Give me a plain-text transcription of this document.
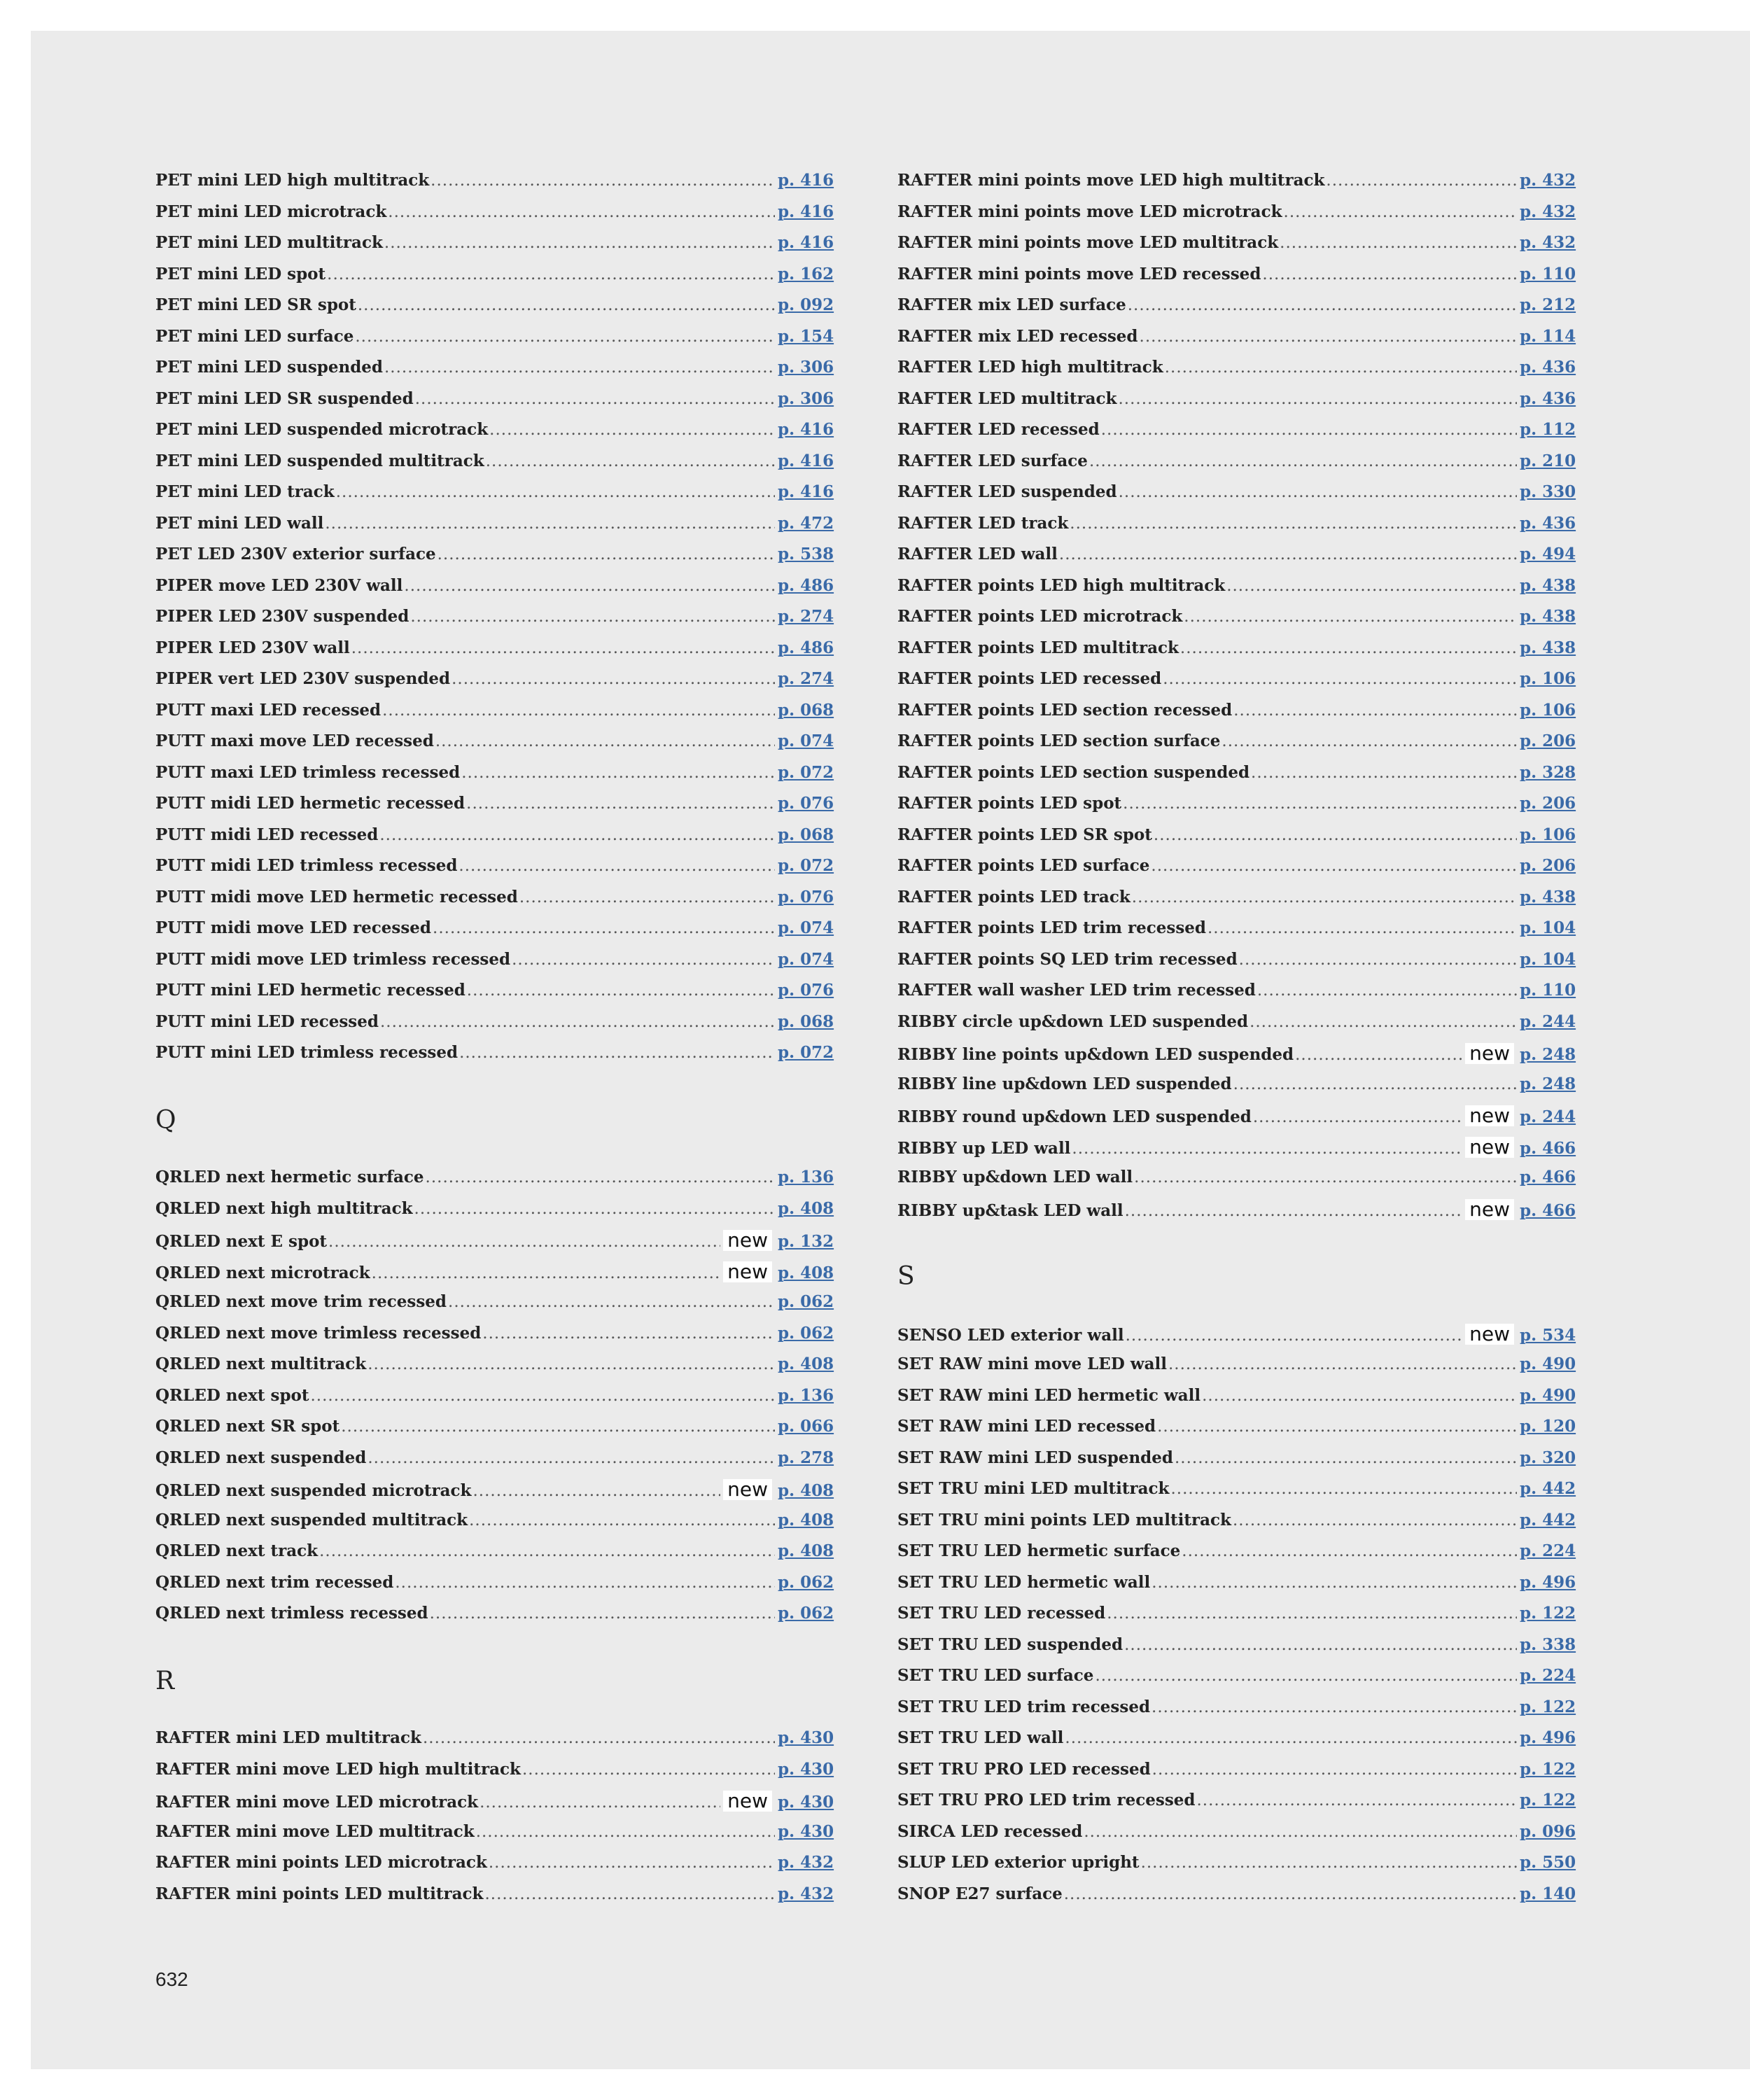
PET mini LED high multitrack .....	p. 416
PET mini LED microtrack .....	p. 416
PET mini LED multitrack .....	p. 416
PET mini LED spot .....	p. 162
PET mini LED SR spot .....	p. 092
PET mini LED surface .....	p. 154
PET mini LED suspended .....	p. 306
PET mini LED SR suspended .....	p. 306
PET mini LED suspended microtrack .....	p. 416
PET mini LED suspended multitrack .....	p. 416
PET mini LED track .....	p. 416
PET mini LED wall .....	p. 472
PET LED 230V exterior surface .....	p. 538
PIPER move LED 230V wall .....	p. 486
PIPER LED 230V suspended .....	p. 274
PIPER LED 230V wall .....	p. 486
PIPER vert LED 230V suspended .....	p. 274
PUTT maxi LED recessed .....	p. 068
PUTT maxi move LED recessed .....	p. 074
PUTT maxi LED trimless recessed .....	p. 072
PUTT midi LED hermetic recessed .....	p. 076
PUTT midi LED recessed .....	p. 068
PUTT midi LED trimless recessed .....	p. 072
PUTT midi move LED hermetic recessed .....	p. 076
PUTT midi move LED recessed .....	p. 074
PUTT midi move LED trimless recessed .....	p. 074
PUTT mini LED hermetic recessed .....	p. 076
PUTT mini LED recessed .....	p. 068
PUTT mini LED trimless recessed .....	p. 072
Q
QRLED next hermetic surface .....	p. 136
QRLED next high multitrack .....	p. 408
QRLED next E spot .....	new p. 132
QRLED next microtrack .....	new p. 408
QRLED next move trim recessed .....	p. 062
QRLED next move trimless recessed .....	p. 062
QRLED next multitrack .....	p. 408
QRLED next spot .....	p. 136
QRLED next SR spot .....	p. 066
QRLED next suspended .....	p. 278
QRLED next suspended microtrack .....	new p. 408
QRLED next suspended multitrack .....	p. 408
QRLED next track .....	p. 408
QRLED next trim recessed .....	p. 062
QRLED next trimless recessed .....	p. 062
R
RAFTER mini LED multitrack .....	p. 430
RAFTER mini move LED high multitrack .....	p. 430
RAFTER mini move LED microtrack .....	new p. 430
RAFTER mini move LED multitrack .....	p. 430
RAFTER mini points LED microtrack .....	p. 432
RAFTER mini points LED multitrack .....	p. 432
RAFTER mini points move LED high multitrack .....	p. 432
RAFTER mini points move LED microtrack .....	p. 432
RAFTER mini points move LED multitrack .....	p. 432
RAFTER mini points move LED recessed .....	p. 110
RAFTER mix LED surface .....	p. 212
RAFTER mix LED recessed .....	p. 114
RAFTER LED high multitrack .....	p. 436
RAFTER LED multitrack .....	p. 436
RAFTER LED recessed .....	p. 112
RAFTER LED surface .....	p. 210
RAFTER LED suspended .....	p. 330
RAFTER LED track .....	p. 436
RAFTER LED wall .....	p. 494
RAFTER points LED high multitrack .....	p. 438
RAFTER points LED microtrack .....	p. 438
RAFTER points LED multitrack .....	p. 438
RAFTER points LED recessed .....	p. 106
RAFTER points LED section recessed .....	p. 106
RAFTER points LED section surface .....	p. 206
RAFTER points LED section suspended .....	p. 328
RAFTER points LED spot .....	p. 206
RAFTER points LED SR spot .....	p. 106
RAFTER points LED surface .....	p. 206
RAFTER points LED track .....	p. 438
RAFTER points LED trim recessed .....	p. 104
RAFTER points SQ LED trim recessed .....	p. 104
RAFTER wall washer LED trim recessed .....	p. 110
RIBBY circle up&down LED suspended .....	p. 244
RIBBY line points up&down LED suspended .....	new p. 248
RIBBY line up&down LED suspended .....	p. 248
RIBBY round up&down LED suspended .....	new p. 244
RIBBY up LED wall .....	new p. 466
RIBBY up&down LED wall .....	p. 466
RIBBY up&task LED wall .....	new p. 466
S
SENSO LED exterior wall .....	new p. 534
SET RAW mini move LED wall .....	p. 490
SET RAW mini LED hermetic wall .....	p. 490
SET RAW mini LED recessed .....	p. 120
SET RAW mini LED suspended .....	p. 320
SET TRU mini LED multitrack .....	p. 442
SET TRU mini points LED multitrack .....	p. 442
SET TRU LED hermetic surface .....	p. 224
SET TRU LED hermetic wall .....	p. 496
SET TRU LED recessed .....	p. 122
SET TRU LED suspended .....	p. 338
SET TRU LED surface .....	p. 224
SET TRU LED trim recessed .....	p. 122
SET TRU LED wall .....	p. 496
SET TRU PRO LED recessed .....	p. 122
SET TRU PRO LED trim recessed .....	p. 122
SIRCA LED recessed .....	p. 096
SLUP LED exterior upright .....	p. 550
SNOP E27 surface .....	p. 140
632
